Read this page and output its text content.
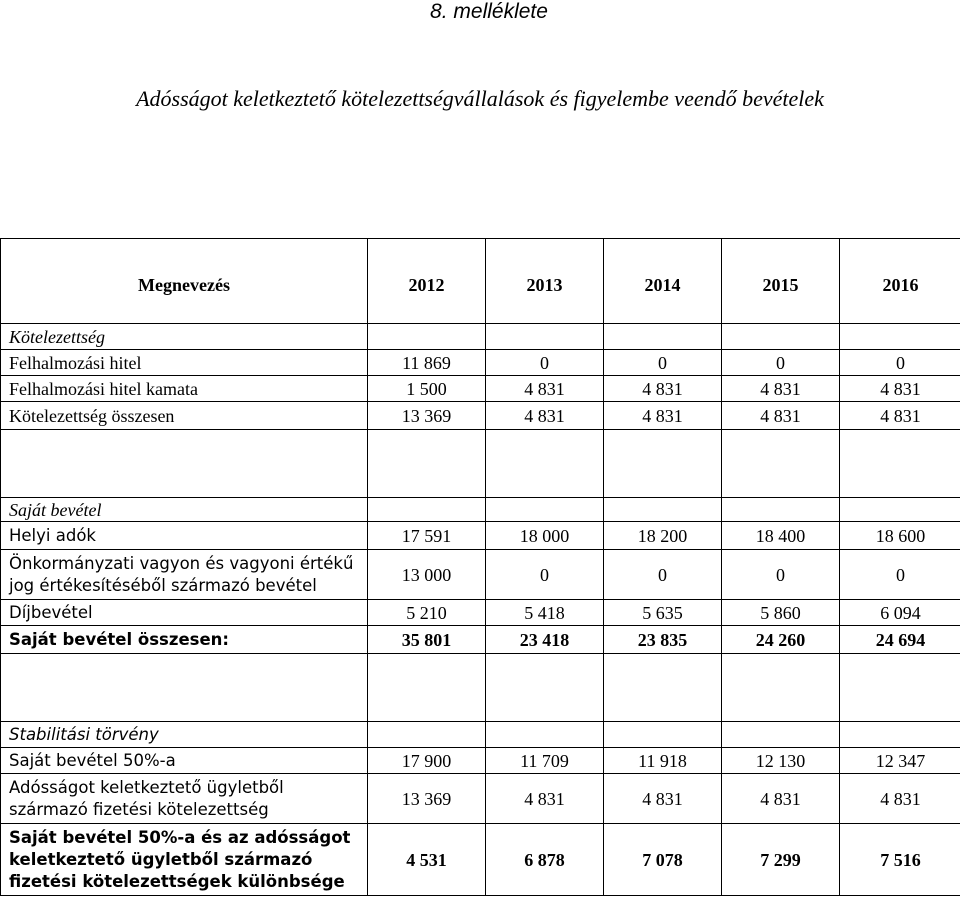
8. melléklete
Adósságot keletkeztető kötelezettségvállalások és figyelembe veendő bevételek
Megnevezés	2012	2013	2014	2015	2016
Kötelezettség					
Felhalmozási hitel	11 869	0	0	0	0
Felhalmozási hitel kamata	1 500	4 831	4 831	4 831	4 831
Kötelezettség összesen	13 369	4 831	4 831	4 831	4 831

Saját bevétel					
Helyi adók	17 591	18 000	18 200	18 400	18 600
Önkormányzati vagyon és vagyoni értékű jog értékesítéséből származó bevétel	13 000	0	0	0	0
Díjbevétel	5 210	5 418	5 635	5 860	6 094
Saját bevétel összesen:	35 801	23 418	23 835	24 260	24 694

Stabilitási törvény					
Saját bevétel 50%-a	17 900	11 709	11 918	12 130	12 347
Adósságot keletkeztető ügyletből származó fizetési kötelezettség	13 369	4 831	4 831	4 831	4 831
Saját bevétel 50%-a és az adósságot keletkeztető ügyletből származó fizetési kötelezettségek különbsége	4 531	6 878	7 078	7 299	7 516
